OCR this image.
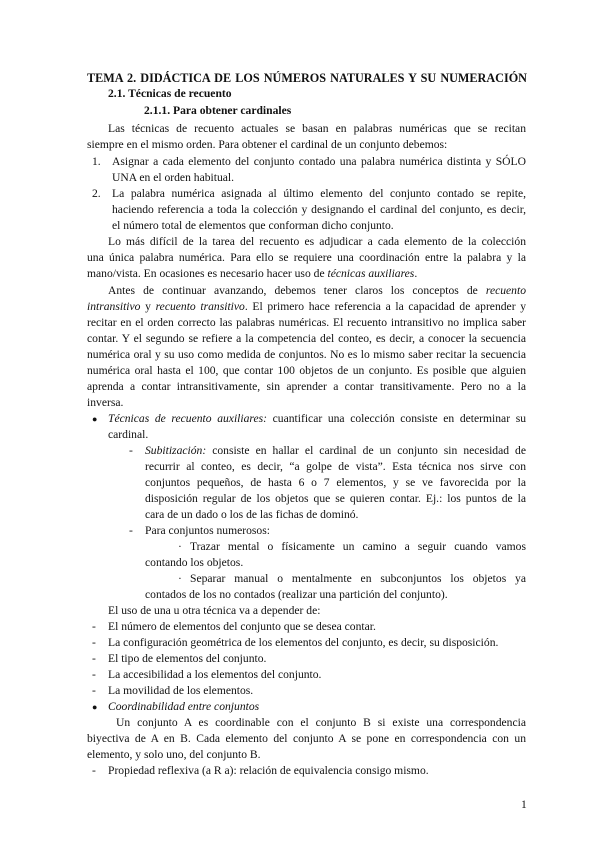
TEMA 2. DIDÁCTICA DE LOS NÚMEROS NATURALES Y SU NUMERACIÓN
2.1. Técnicas de recuento
2.1.1. Para obtener cardinales
Las técnicas de recuento actuales se basan en palabras numéricas que se recitan
siempre en el mismo orden. Para obtener el cardinal de un conjunto debemos:
1. Asignar a cada elemento del conjunto contado una palabra numérica distinta y SÓLO
UNA en el orden habitual.
2. La palabra numérica asignada al último elemento del conjunto contado se repite,
haciendo referencia a toda la colección y designando el cardinal del conjunto, es decir,
el número total de elementos que conforman dicho conjunto.
Lo más difícil de la tarea del recuento es adjudicar a cada elemento de la colección
una única palabra numérica. Para ello se requiere una coordinación entre la palabra y la
mano/vista. En ocasiones es necesario hacer uso de técnicas auxiliares.
Antes de continuar avanzando, debemos tener claros los conceptos de recuento
intransitivo y recuento transitivo. El primero hace referencia a la capacidad de aprender y
recitar en el orden correcto las palabras numéricas. El recuento intransitivo no implica saber
contar. Y el segundo se refiere a la competencia del conteo, es decir, a conocer la secuencia
numérica oral y su uso como medida de conjuntos. No es lo mismo saber recitar la secuencia
numérica oral hasta el 100, que contar 100 objetos de un conjunto. Es posible que alguien
aprenda a contar intransitivamente, sin aprender a contar transitivamente. Pero no a la
inversa.
● Técnicas de recuento auxiliares: cuantificar una colección consiste en determinar su
cardinal.
- Subitización: consiste en hallar el cardinal de un conjunto sin necesidad de
recurrir al conteo, es decir, “a golpe de vista”. Esta técnica nos sirve con
conjuntos pequeños, de hasta 6 o 7 elementos, y se ve favorecida por la
disposición regular de los objetos que se quieren contar. Ej.: los puntos de la
cara de un dado o los de las fichas de dominó.
- Para conjuntos numerosos:
· Trazar mental o físicamente un camino a seguir cuando vamos
contando los objetos.
· Separar manual o mentalmente en subconjuntos los objetos ya
contados de los no contados (realizar una partición del conjunto).
El uso de una u otra técnica va a depender de:
- El número de elementos del conjunto que se desea contar.
- La configuración geométrica de los elementos del conjunto, es decir, su disposición.
- El tipo de elementos del conjunto.
- La accesibilidad a los elementos del conjunto.
- La movilidad de los elementos.
● Coordinabilidad entre conjuntos
Un conjunto A es coordinable con el conjunto B si existe una correspondencia
biyectiva de A en B. Cada elemento del conjunto A se pone en correspondencia con un
elemento, y solo uno, del conjunto B.
- Propiedad reflexiva (a R a): relación de equivalencia consigo mismo.
1
